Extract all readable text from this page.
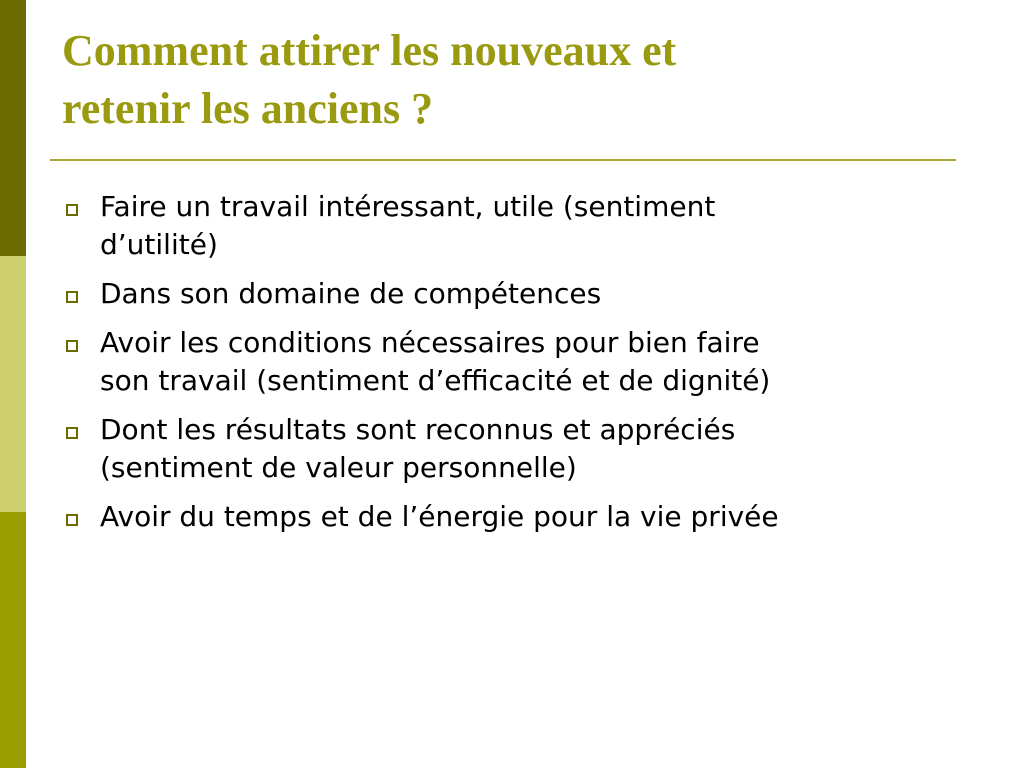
Comment attirer les nouveaux et
retenir les anciens ?
Faire un travail intéressant, utile (sentiment
d’utilité)
Dans son domaine de compétences
Avoir les conditions nécessaires pour bien faire
son travail (sentiment d’efficacité et de dignité)
Dont les résultats sont reconnus et appréciés
(sentiment de valeur personnelle)
Avoir du temps et de l’énergie pour la vie privée
